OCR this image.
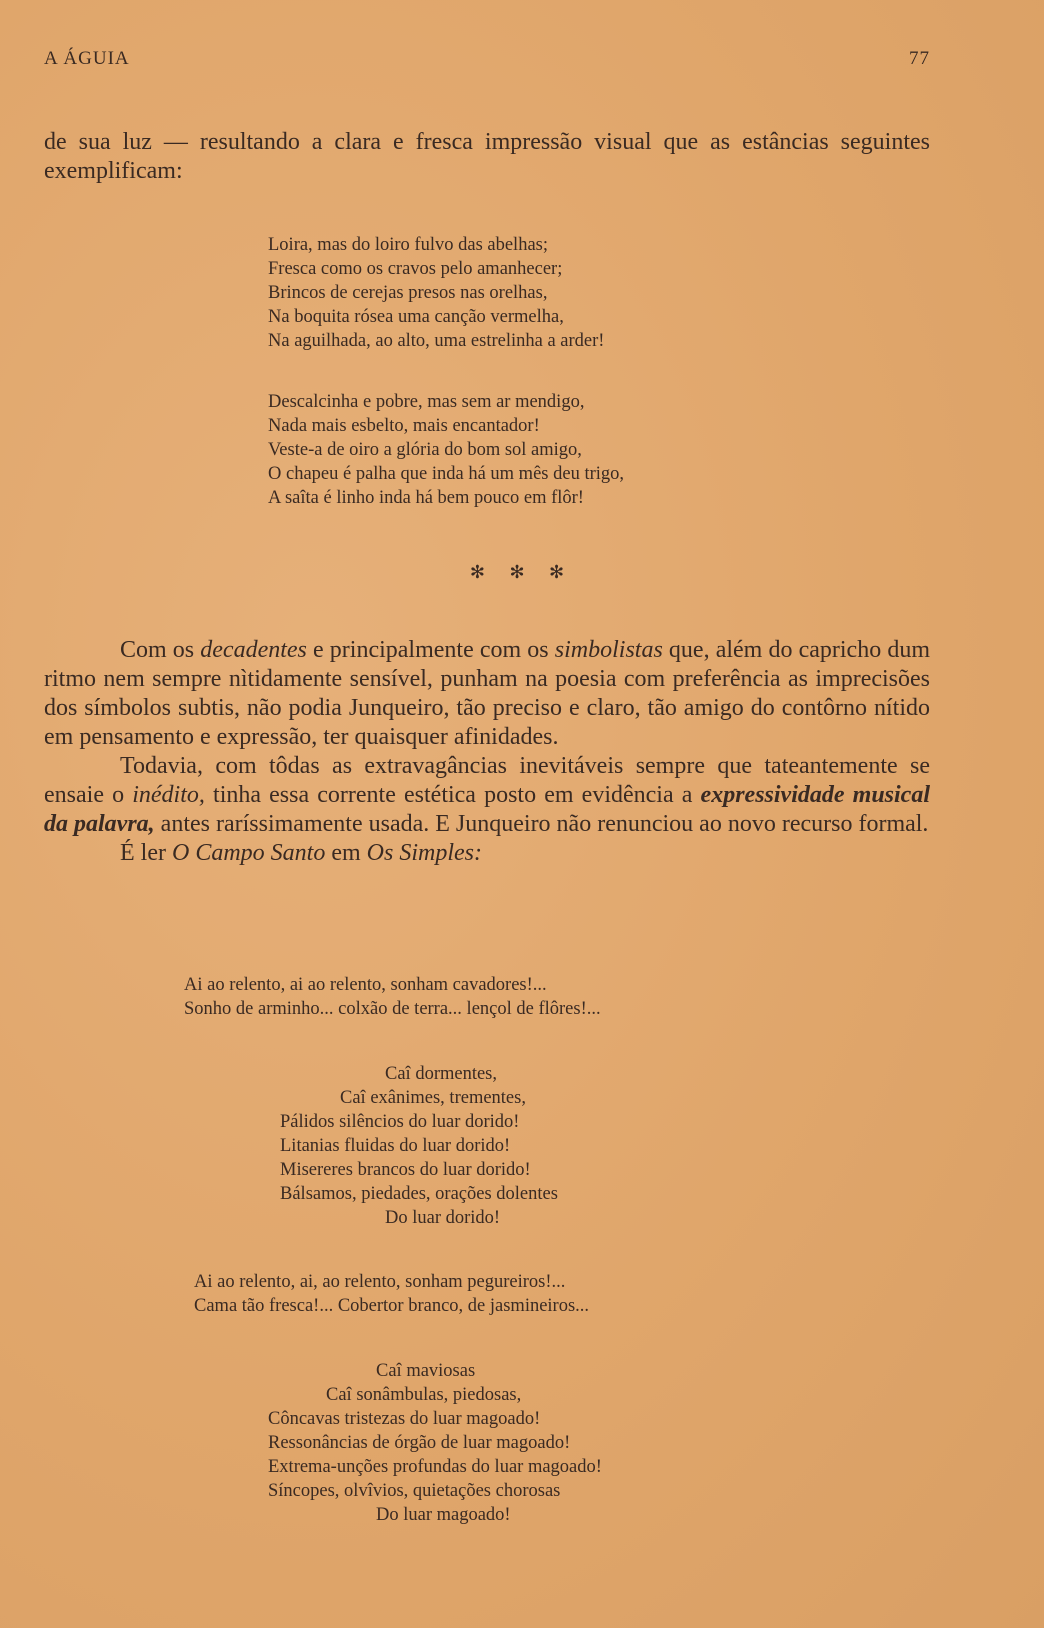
A ÁGUIA	77

de sua luz — resultando a clara e fresca impressão visual que as estâncias seguintes exemplificam:

Loira, mas do loiro fulvo das abelhas;
Fresca como os cravos pelo amanhecer;
Brincos de cerejas presos nas orelhas,
Na boquita rósea uma canção vermelha,
Na aguilhada, ao alto, uma estrelinha a arder!
Descalcinha e pobre, mas sem ar mendigo,
Nada mais esbelto, mais encantador!
Veste-a de oiro a glória do bom sol amigo,
O chapeu é palha que inda há um mês deu trigo,
A saîta é linho inda há bem pouco em flôr!
✻ ✻ ✻

Com os decadentes e principalmente com os simbolistas que, além do capricho dum ritmo nem sempre nìtidamente sensível, punham na poesia com preferência as imprecisões dos símbolos subtis, não podia Junqueiro, tão preciso e claro, tão amigo do contôrno nítido em pensamento e expressão, ter quaisquer afinidades.

Todavia, com tôdas as extravagâncias inevitáveis sempre que tateantemente se ensaie o inédito, tinha essa corrente estética posto em evidência a expressividade musical da palavra, antes raríssimamente usada. E Junqueiro não renunciou ao novo recurso formal.

É ler O Campo Santo em Os Simples:

Ai ao relento, ai ao relento, sonham cavadores!...
Sonho de arminho... colxão de terra... lençol de flôres!...
Caî dormentes,
Caî exânimes, trementes,
Pálidos silêncios do luar dorido!
Litanias fluidas do luar dorido!
Misereres brancos do luar dorido!
Bálsamos, piedades, orações dolentes
Do luar dorido!
Ai ao relento, ai, ao relento, sonham pegureiros!...
Cama tão fresca!... Cobertor branco, de jasmineiros...
Caî maviosas
Caî sonâmbulas, piedosas,
Côncavas tristezas do luar magoado!
Ressonâncias de órgão de luar magoado!
Extrema-unções profundas do luar magoado!
Síncopes, olvîvios, quietações chorosas
Do luar magoado!
